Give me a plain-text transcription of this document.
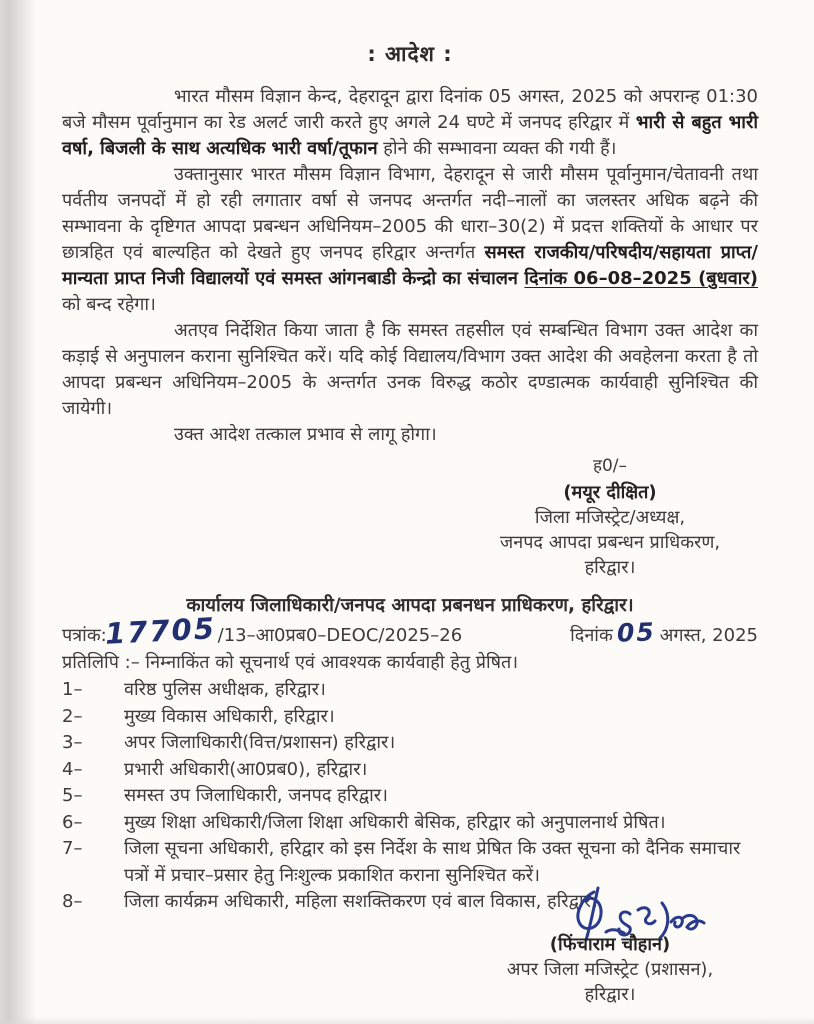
: आदेश :

भारत मौसम विज्ञान केन्द, देहरादून द्वारा दिनांक 05 अगस्त, 2025 को अपरान्ह 01:30 बजे मौसम पूर्वानुमान का रेड अलर्ट जारी करते हुए अगले 24 घण्टे में जनपद हरिद्वार में भारी से बहुत भारी वर्षा, बिजली के साथ अत्यधिक भारी वर्षा/तूफान होने की सम्भावना व्यक्त की गयी हैं।

उक्तानुसार भारत मौसम विज्ञान विभाग, देहरादून से जारी मौसम पूर्वानुमान/चेतावनी तथा पर्वतीय जनपदों में हो रही लगातार वर्षा से जनपद अन्तर्गत नदी–नालों का जलस्तर अधिक बढ़ने की सम्भावना के दृष्टिगत आपदा प्रबन्धन अधिनियम–2005 की धारा–30(2) में प्रदत्त शक्तियों के आधार पर छात्रहित एवं बाल्यहित को देखते हुए जनपद हरिद्वार अन्तर्गत समस्त राजकीय/परिषदीय/सहायता प्राप्त/मान्यता प्राप्त निजी विद्यालयों एवं समस्त आंगनबाडी केन्द्रो का संचालन दिनांक 06–08–2025 (बुधवार) को बन्द रहेगा।

अतएव निर्देशित किया जाता है कि समस्त तहसील एवं सम्बन्धित विभाग उक्त आदेश का कड़ाई से अनुपालन कराना सुनिश्चित करें। यदि कोई विद्यालय/विभाग उक्त आदेश की अवहेलना करता है तो आपदा प्रबन्धन अधिनियम–2005 के अन्तर्गत उनक विरुद्ध कठोर दण्डात्मक कार्यवाही सुनिश्चित की जायेगी।

उक्त आदेश तत्काल प्रभाव से लागू होगा।

ह0/–
(मयूर दीक्षित)
जिला मजिस्ट्रेट/अध्यक्ष,
जनपद आपदा प्रबन्धन प्राधिकरण,
हरिद्वार।
कार्यालय जिलाधिकारी/जनपद आपदा प्रबनधन प्राधिकरण, हरिद्वार।
पत्रांक:17705/13–आ0प्रब0–DEOC/2025–26	दिनांक 05 अगस्त, 2025
प्रतिलिपि :– निम्नाकिंत को सूचनार्थ एवं आवश्यक कार्यवाही हेतु प्रेषित।
1–	वरिष्ठ पुलिस अधीक्षक, हरिद्वार।
2–	मुख्य विकास अधिकारी, हरिद्वार।
3–	अपर जिलाधिकारी(वित्त/प्रशासन) हरिद्वार।
4–	प्रभारी अधिकारी(आ0प्रब0), हरिद्वार।
5–	समस्त उप जिलाधिकारी, जनपद हरिद्वार।
6–	मुख्य शिक्षा अधिकारी/जिला शिक्षा अधिकारी बेसिक, हरिद्वार को अनुपालनार्थ प्रेषित।
7–	जिला सूचना अधिकारी, हरिद्वार को इस निर्देश के साथ प्रेषित कि उक्त सूचना को दैनिक समाचार पत्रों में प्रचार–प्रसार हेतु निःशुल्क प्रकाशित कराना सुनिश्चित करें।
8–	जिला कार्यक्रम अधिकारी, महिला सशक्तिकरण एवं बाल विकास, हरिद्वार।
(फिंचाराम चौहान)
अपर जिला मजिस्ट्रेट (प्रशासन),
हरिद्वार।
